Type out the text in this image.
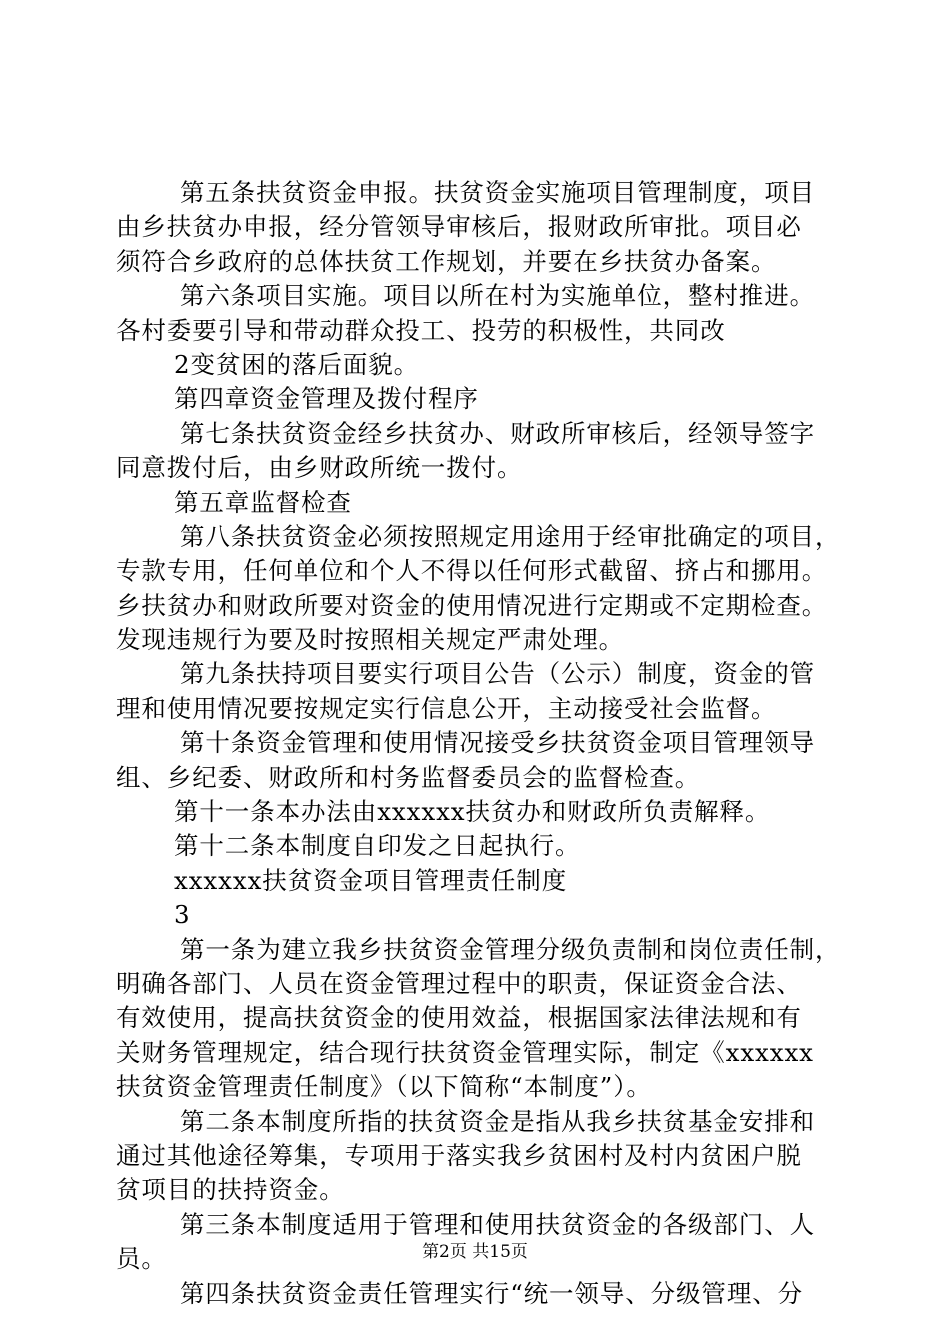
第五条扶贫资金申报。扶贫资金实施项目管理制度，项目
由乡扶贫办申报，经分管领导审核后，报财政所审批。项目必
须符合乡政府的总体扶贫工作规划，并要在乡扶贫办备案。
第六条项目实施。项目以所在村为实施单位，整村推进。
各村委要引导和带动群众投工、投劳的积极性，共同改
2变贫困的落后面貌。
第四章资金管理及拨付程序
第七条扶贫资金经乡扶贫办、财政所审核后，经领导签字
同意拨付后，由乡财政所统一拨付。
第五章监督检查
第八条扶贫资金必须按照规定用途用于经审批确定的项目，
专款专用，任何单位和个人不得以任何形式截留、挤占和挪用。
乡扶贫办和财政所要对资金的使用情况进行定期或不定期检查。
发现违规行为要及时按照相关规定严肃处理。
第九条扶持项目要实行项目公告（公示）制度，资金的管
理和使用情况要按规定实行信息公开，主动接受社会监督。
第十条资金管理和使用情况接受乡扶贫资金项目管理领导
组、乡纪委、财政所和村务监督委员会的监督检查。
第十一条本办法由xxxxxx扶贫办和财政所负责解释。
第十二条本制度自印发之日起执行。
xxxxxx扶贫资金项目管理责任制度
3
第一条为建立我乡扶贫资金管理分级负责制和岗位责任制，
明确各部门、人员在资金管理过程中的职责，保证资金合法、
有效使用，提高扶贫资金的使用效益，根据国家法律法规和有
关财务管理规定，结合现行扶贫资金管理实际，制定《xxxxxx
扶贫资金管理责任制度》（以下简称“本制度”）。
第二条本制度所指的扶贫资金是指从我乡扶贫基金安排和
通过其他途径筹集，专项用于落实我乡贫困村及村内贫困户脱
贫项目的扶持资金。
第三条本制度适用于管理和使用扶贫资金的各级部门、人
员。
第四条扶贫资金责任管理实行“统一领导、分级管理、分
第2页 共15页
